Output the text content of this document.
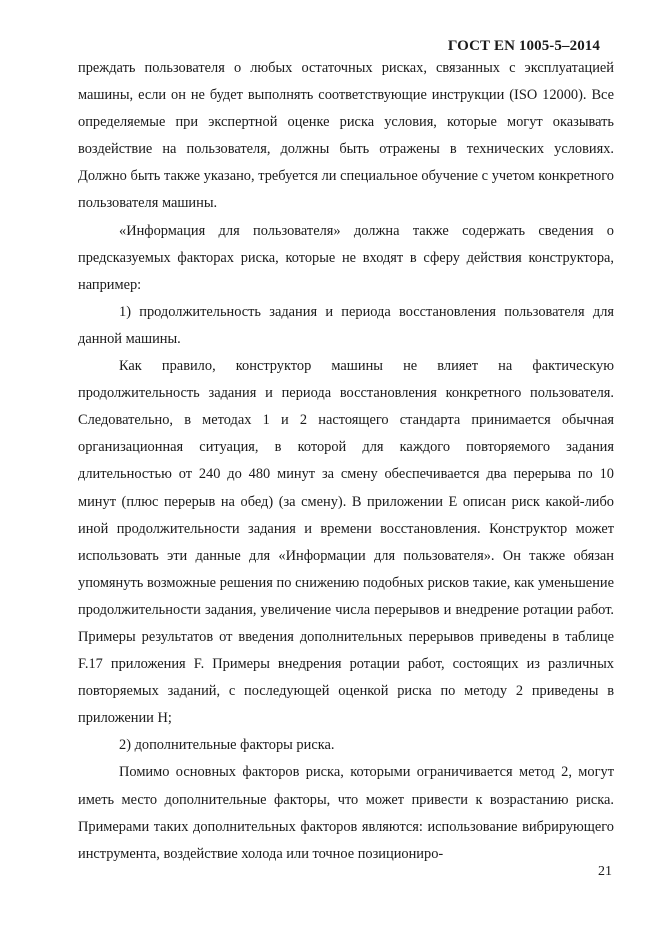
ГОСТ EN 1005-5–2014

преждать пользователя о любых остаточных рисках, связанных с эксплуатацией машины, если он не будет выполнять соответствующие инструкции (ISO 12000). Все определяемые при экспертной оценке риска условия, которые могут оказывать воздействие на пользователя, должны быть отражены в технических условиях. Должно быть также указано, требуется ли специальное обучение с учетом конкретного пользователя машины.

«Информация для пользователя» должна также содержать сведения о предсказуемых факторах риска, которые не входят в сферу действия конструктора, например:

1) продолжительность задания и периода восстановления пользователя для данной машины.

Как правило, конструктор машины не влияет на фактическую продолжительность задания и периода восстановления конкретного пользователя. Следовательно, в методах 1 и 2 настоящего стандарта принимается обычная организационная ситуация, в которой для каждого повторяемого задания длительностью от 240 до 480 минут за смену обеспечивается два перерыва по 10 минут (плюс перерыв на обед) (за смену). В приложении Е описан риск какой-либо иной продолжительности задания и времени восстановления. Конструктор может использовать эти данные для «Информации для пользователя». Он также обязан упомянуть возможные решения по снижению подобных рисков такие, как уменьшение продолжительности задания, увеличение числа перерывов и внедрение ротации работ. Примеры результатов от введения дополнительных перерывов приведены в таблице F.17 приложения F. Примеры внедрения ротации работ, состоящих из различных повторяемых заданий, с последующей оценкой риска по методу 2 приведены в приложении Н;

2) дополнительные факторы риска.

Помимо основных факторов риска, которыми ограничивается метод 2, могут иметь место дополнительные факторы, что может привести к возрастанию риска. Примерами таких дополнительных факторов являются: использование вибрирующего инструмента, воздействие холода или точное позициониро-

21
